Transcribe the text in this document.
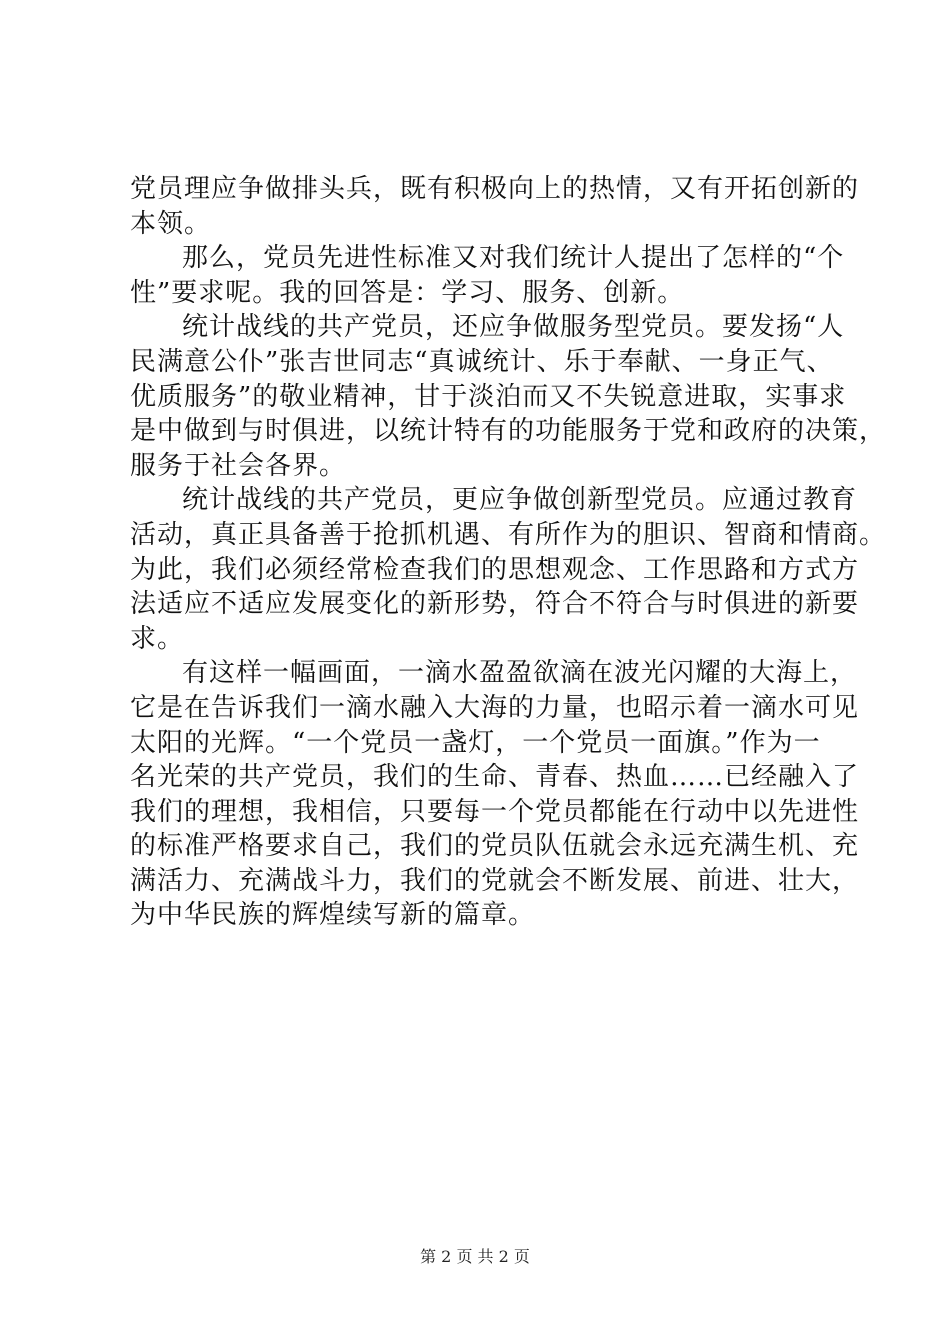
党员理应争做排头兵，既有积极向上的热情，又有开拓创新的
本领。
那么，党员先进性标准又对我们统计人提出了怎样的“个
性”要求呢。我的回答是：学习、服务、创新。
统计战线的共产党员，还应争做服务型党员。要发扬“人
民满意公仆”张吉世同志“真诚统计、乐于奉献、一身正气、
优质服务”的敬业精神，甘于淡泊而又不失锐意进取，实事求
是中做到与时俱进，以统计特有的功能服务于党和政府的决策，
服务于社会各界。
统计战线的共产党员，更应争做创新型党员。应通过教育
活动，真正具备善于抢抓机遇、有所作为的胆识、智商和情商。
为此，我们必须经常检查我们的思想观念、工作思路和方式方
法适应不适应发展变化的新形势，符合不符合与时俱进的新要
求。
有这样一幅画面，一滴水盈盈欲滴在波光闪耀的大海上，
它是在告诉我们一滴水融入大海的力量，也昭示着一滴水可见
太阳的光辉。“一个党员一盏灯，一个党员一面旗。”作为一
名光荣的共产党员，我们的生命、青春、热血……已经融入了
我们的理想，我相信，只要每一个党员都能在行动中以先进性
的标准严格要求自己，我们的党员队伍就会永远充满生机、充
满活力、充满战斗力，我们的党就会不断发展、前进、壮大，
为中华民族的辉煌续写新的篇章。
第 2 页 共 2 页
